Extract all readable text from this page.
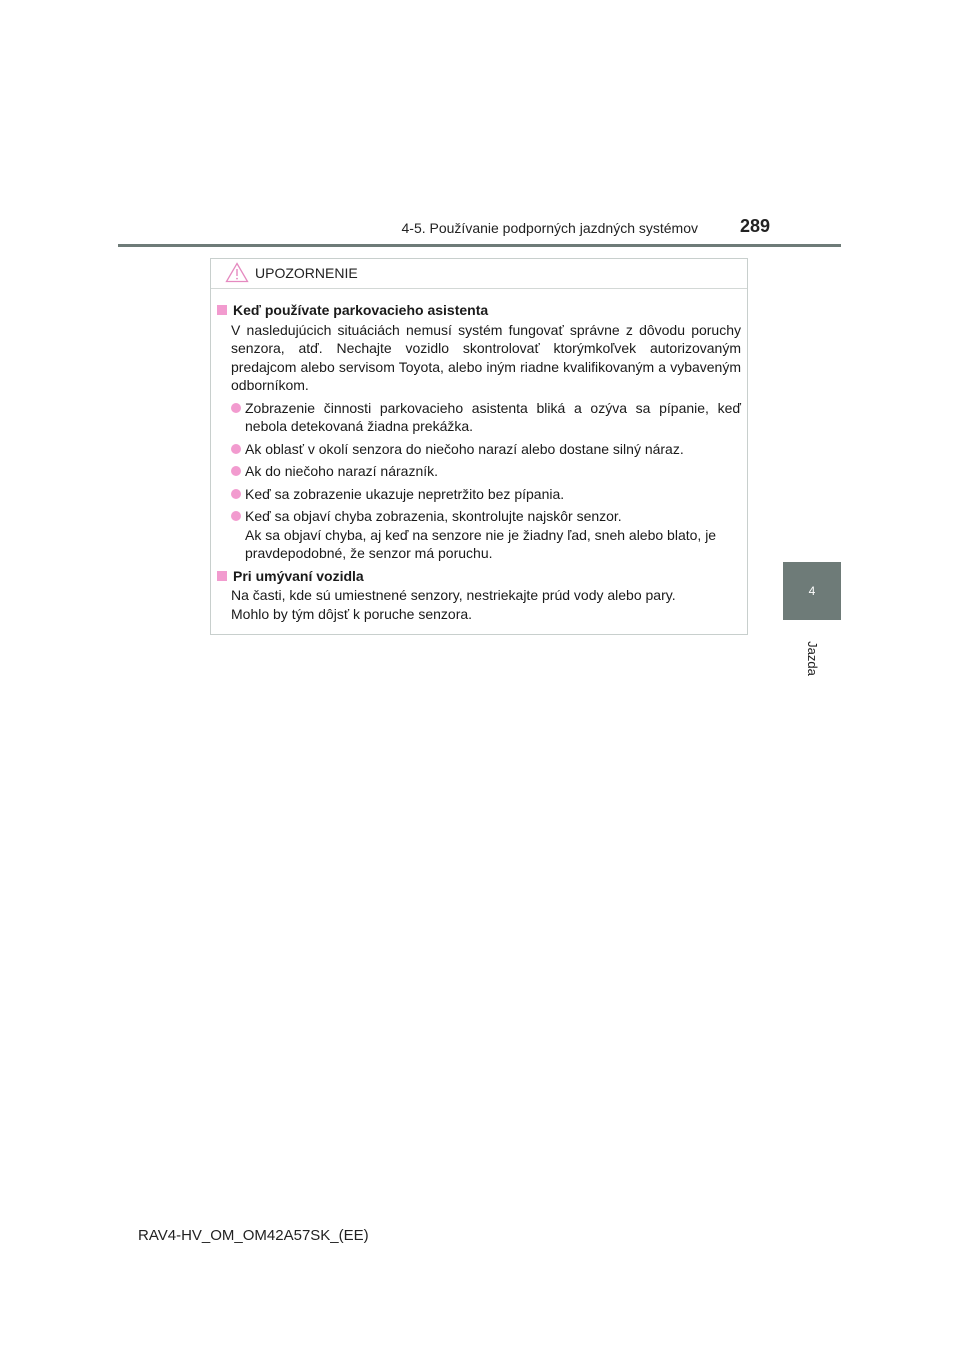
4-5. Používanie podporných jazdných systémov 289
4
Jazda
UPOZORNENIE
Keď používate parkovacieho asistenta
V nasledujúcich situáciách nemusí systém fungovať správne z dôvodu poruchy senzora, atď. Nechajte vozidlo skontrolovať ktorýmkoľvek autorizovaným predajcom alebo servisom Toyota, alebo iným riadne kvalifikovaným a vybaveným odborníkom.
Zobrazenie činnosti parkovacieho asistenta bliká a ozýva sa pípanie, keď nebola detekovaná žiadna prekážka.
Ak oblasť v okolí senzora do niečoho narazí alebo dostane silný náraz.
Ak do niečoho narazí nárazník.
Keď sa zobrazenie ukazuje nepretržito bez pípania.
Keď sa objaví chyba zobrazenia, skontrolujte najskôr senzor.
Ak sa objaví chyba, aj keď na senzore nie je žiadny ľad, sneh alebo blato, je pravdepodobné, že senzor má poruchu.
Pri umývaní vozidla
Na časti, kde sú umiestnené senzory, nestriekajte prúd vody alebo pary.
Mohlo by tým dôjsť k poruche senzora.
RAV4-HV_OM_OM42A57SK_(EE)
